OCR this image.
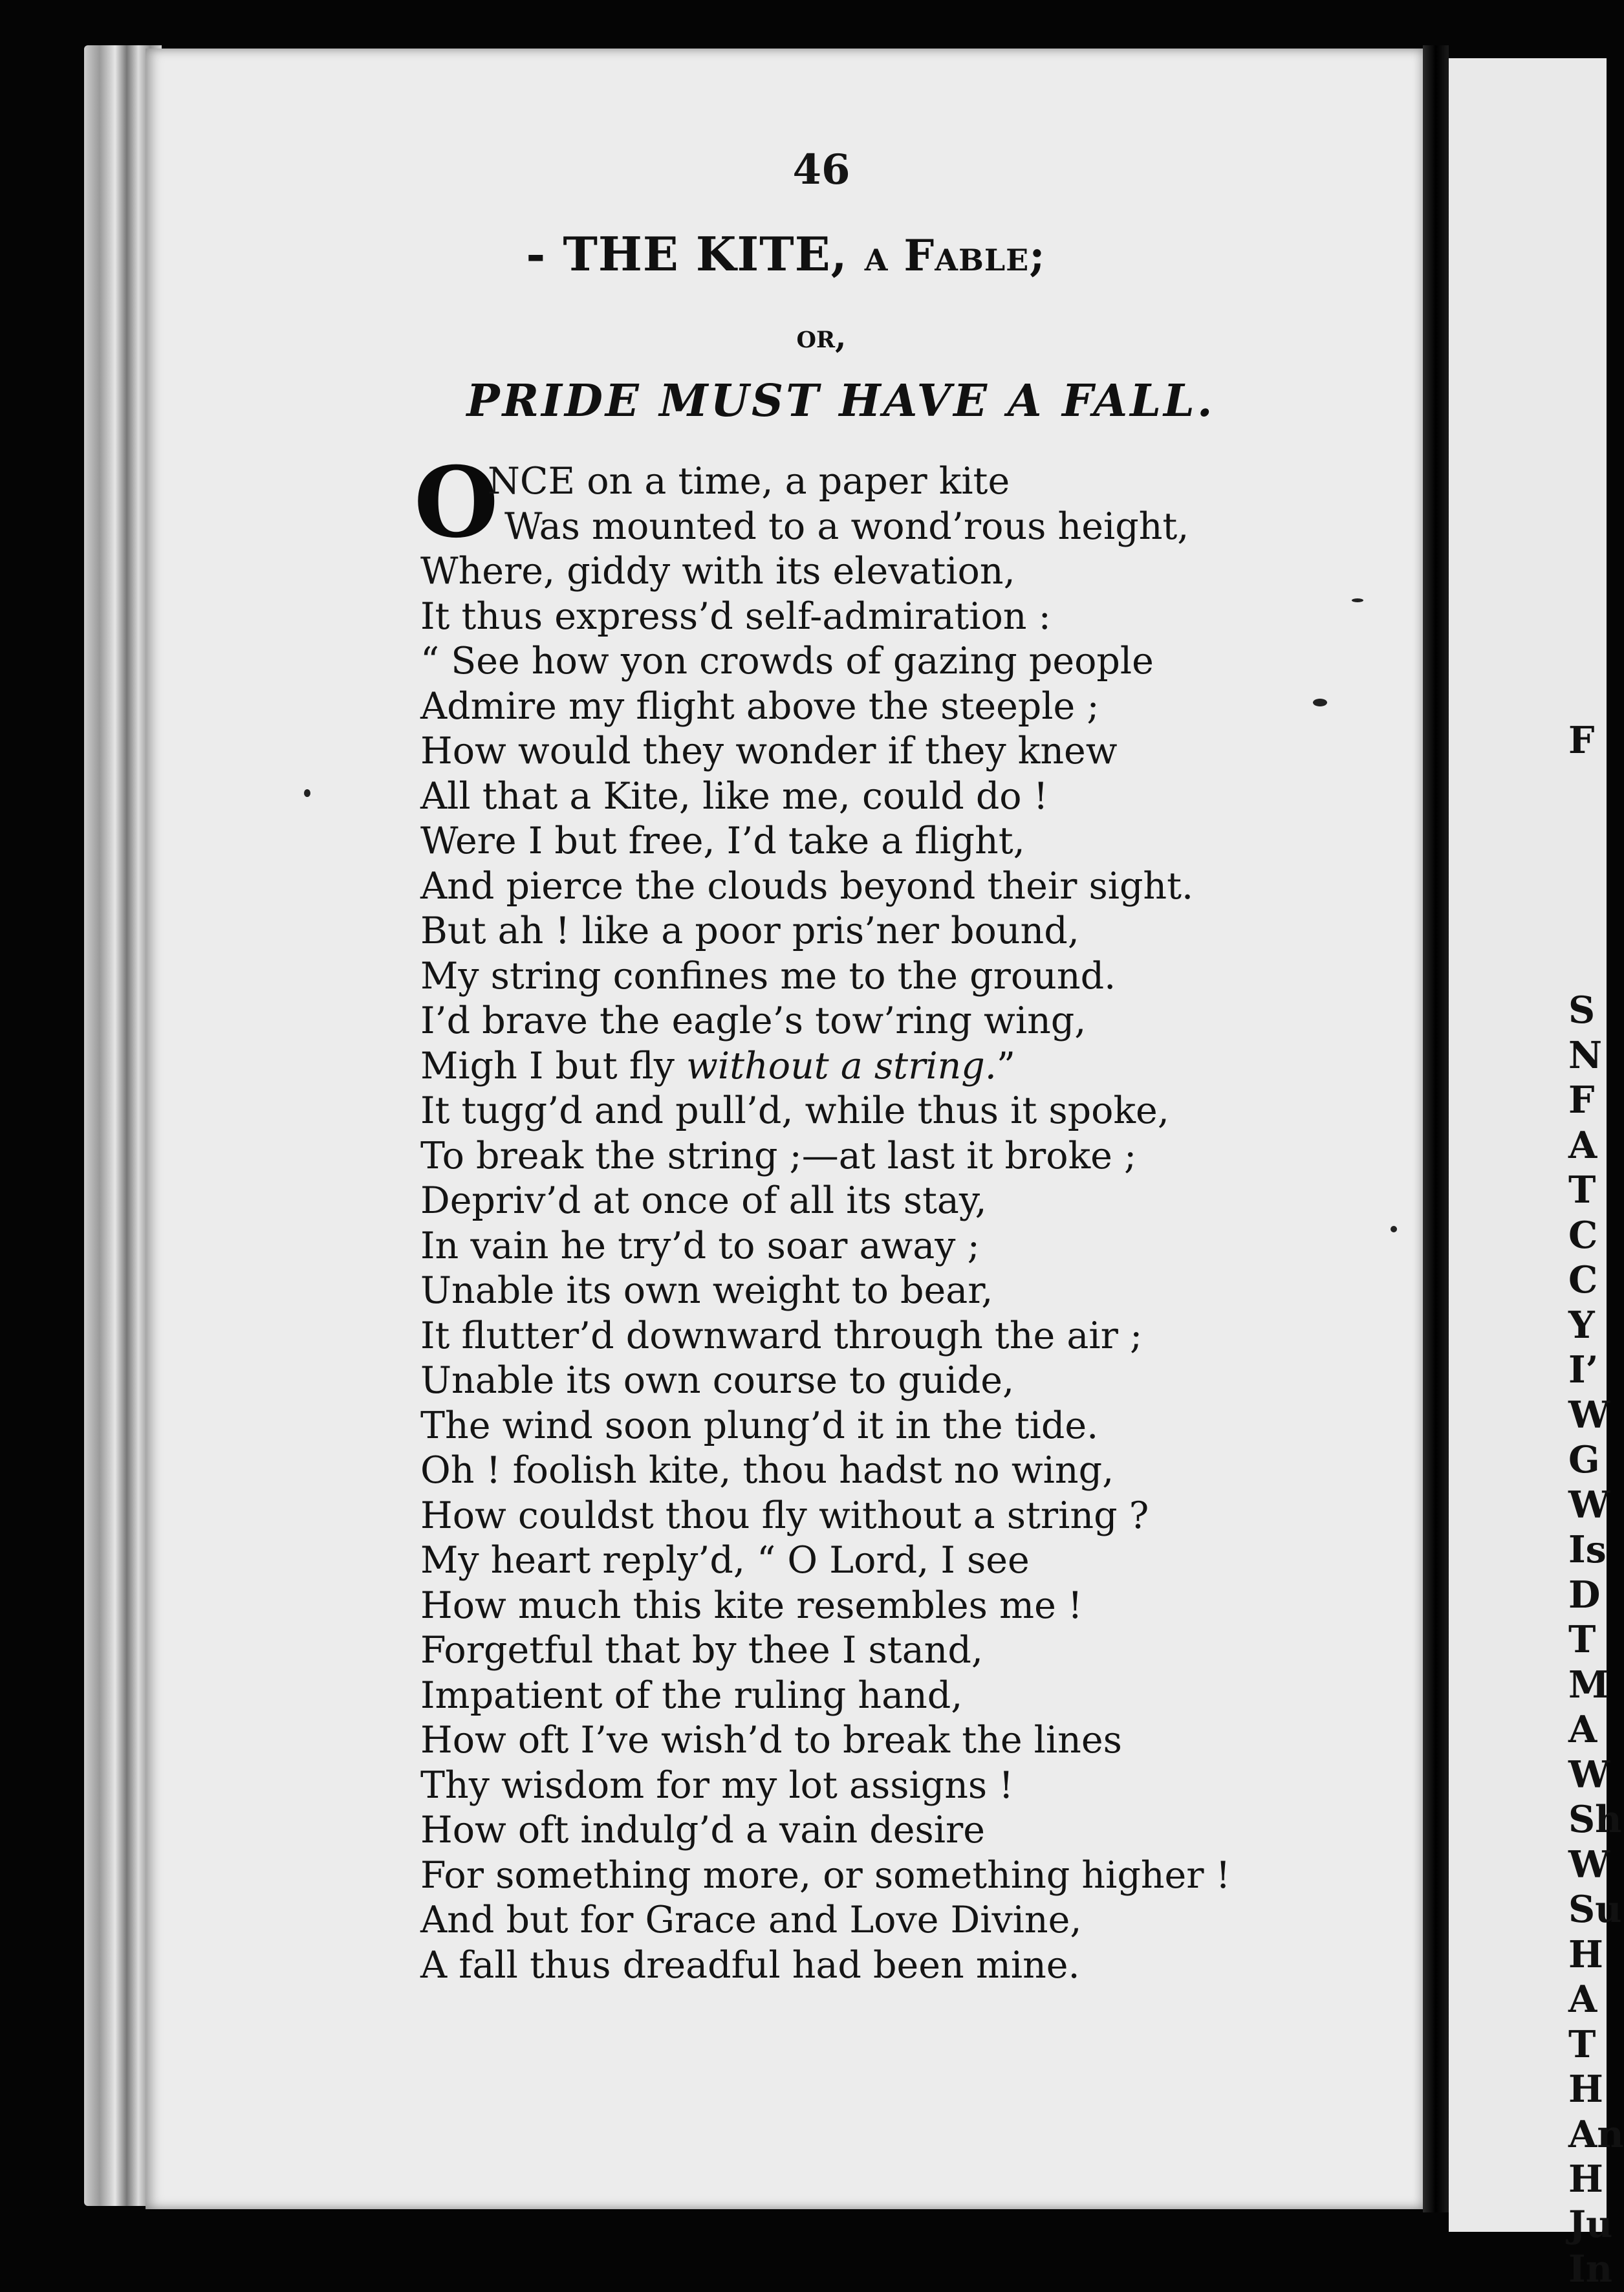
46
- THE KITE, a Fable;
or,
PRIDE MUST HAVE A FALL.
O
NCE on a time, a paper kite
Was mounted to a wond’rous height,
Where, giddy with its elevation,
It thus express’d self-admiration :
“ See how yon crowds of gazing people
Admire my flight above the steeple ;
How would they wonder if they knew
All that a Kite, like me, could do !
Were I but free, I’d take a flight,
And pierce the clouds beyond their sight.
But ah ! like a poor pris’ner bound,
My string confines me to the ground.
I’d brave the eagle’s tow’ring wing,
Migh I but fly without a string.”
It tugg’d and pull’d, while thus it spoke,
To break the string ;—at last it broke ;
Depriv’d at once of all its stay,
In vain he try’d to soar away ;
Unable its own weight to bear,
It flutter’d downward through the air ;
Unable its own course to guide,
The wind soon plung’d it in the tide.
Oh ! foolish kite, thou hadst no wing,
How couldst thou fly without a string ?
My heart reply’d, “ O Lord, I see
How much this kite resembles me !
Forgetful that by thee I stand,
Impatient of the ruling hand,
How oft I’ve wish’d to break the lines
Thy wisdom for my lot assigns !
How oft indulg’d a vain desire
For something more, or something higher !
And but for Grace and Love Divine,
A fall thus dreadful had been mine.
F
S
N
F
A
T
C
C
Y
I’
W
G
W
Is
D
T
M
A
W
Sh
W
Su
H
A
T
H
An
H
Ju
In
